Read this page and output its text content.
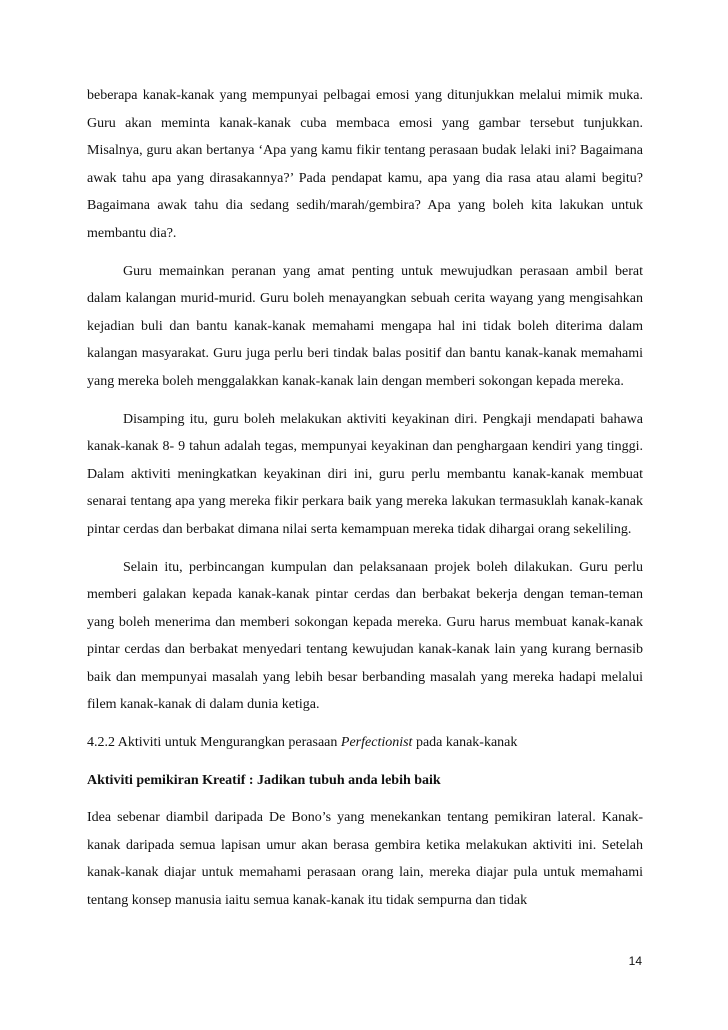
beberapa kanak-kanak yang mempunyai pelbagai emosi yang ditunjukkan melalui mimik muka. Guru akan meminta kanak-kanak cuba membaca emosi yang gambar tersebut tunjukkan. Misalnya, guru akan bertanya ‘Apa yang kamu fikir tentang perasaan budak lelaki ini? Bagaimana awak tahu apa yang dirasakannya?’ Pada pendapat kamu, apa yang dia rasa atau alami begitu? Bagaimana awak tahu dia sedang sedih/marah/gembira? Apa yang boleh kita lakukan untuk membantu dia?.

Guru memainkan peranan yang amat penting untuk mewujudkan perasaan ambil berat dalam kalangan murid-murid. Guru boleh menayangkan sebuah cerita wayang yang mengisahkan kejadian buli dan bantu kanak-kanak memahami mengapa hal ini tidak boleh diterima dalam kalangan masyarakat. Guru juga perlu beri tindak balas positif dan bantu kanak-kanak memahami yang mereka boleh menggalakkan kanak-kanak lain dengan memberi sokongan kepada mereka.

Disamping itu, guru boleh melakukan aktiviti keyakinan diri. Pengkaji mendapati bahawa kanak-kanak 8- 9 tahun adalah tegas, mempunyai keyakinan dan penghargaan kendiri yang tinggi. Dalam aktiviti meningkatkan keyakinan diri ini, guru perlu membantu kanak-kanak membuat senarai tentang apa yang mereka fikir perkara baik yang mereka lakukan termasuklah kanak-kanak pintar cerdas dan berbakat dimana nilai serta kemampuan mereka tidak dihargai orang sekeliling.

Selain itu, perbincangan kumpulan dan pelaksanaan projek boleh dilakukan. Guru perlu memberi galakan kepada kanak-kanak pintar cerdas dan berbakat bekerja dengan teman-teman yang boleh menerima dan memberi sokongan kepada mereka. Guru harus membuat kanak-kanak pintar cerdas dan berbakat menyedari tentang kewujudan kanak-kanak lain yang kurang bernasib baik dan mempunyai masalah yang lebih besar berbanding masalah yang mereka hadapi melalui filem kanak-kanak di dalam dunia ketiga.

4.2.2 Aktiviti untuk Mengurangkan perasaan Perfectionist pada kanak-kanak

Aktiviti pemikiran Kreatif : Jadikan tubuh anda lebih baik

Idea sebenar diambil daripada De Bono’s yang menekankan tentang pemikiran lateral. Kanak-kanak daripada semua lapisan umur akan berasa gembira ketika melakukan aktiviti ini. Setelah kanak-kanak diajar untuk memahami perasaan orang lain, mereka diajar pula untuk memahami tentang konsep manusia iaitu semua kanak-kanak itu tidak sempurna dan tidak

14
